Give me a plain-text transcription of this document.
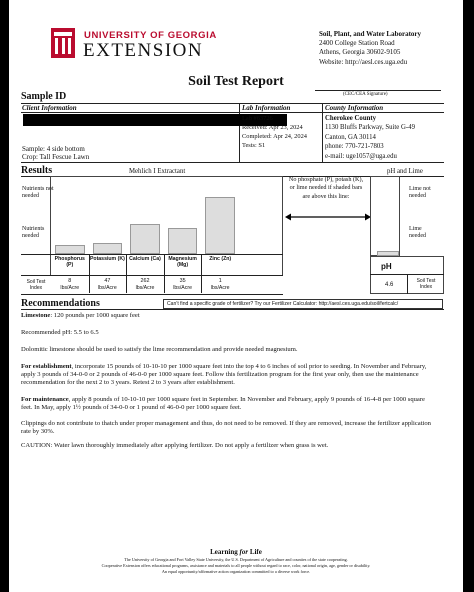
UNIVERSITY OF GEORGIA
EXTENSION
Soil, Plant, and Water Laboratory
2400 College Station Road
Athens, Georgia 30602-9105
Website: http://aesl.ces.uga.edu
Soil Test Report
(CEC/CEA Signature)
Sample ID
Client Information	Lab Information	County Information
Sample: 4 side bottom
Crop: Tall Fescue Lawn
Lab #63726
Received: Apr 23, 2024
Completed: Apr 24, 2024
Tests: S1
Cherokee County
1130 Bluffs Parkway, Suite G-49
Canton, GA 30114
phone: 770-721-7803
e-mail: uge1057@uga.edu
Results	Mehlich I Extractant	pH and Lime
Nutrients not needed
Nutrients needed
Soil Test Index
No phosphate (P), potash (K), or lime needed if shaded bars are above this line:
Lime not needed
Lime needed
pH
4.6
Soil Test Index
Recommendations	Can't find a specific grade of fertilizer? Try our Fertilizer Calculator: http://aesl.ces.uga.edu/soil/fertcalc/
Limestone: 120 pounds per 1000 square feet
Recommended pH: 5.5 to 6.5
Dolomitic limestone should be used to satisfy the lime recommendation and provide needed magnesium.
For establishment, incorporate 15 pounds of 10-10-10 per 1000 square feet into the top 4 to 6 inches of soil prior to seeding. In November and February, apply 3 pounds of 34-0-0 or 2 pounds of 46-0-0 per 1000 square feet. Follow this fertilization program for the first year only, then use the maintenance recommendation for the next 2 to 3 years. Retest 2 to 3 years after establishment.
For maintenance, apply 8 pounds of 10-10-10 per 1000 square feet in September. In November and February, apply 9 pounds of 16-4-8 per 1000 square feet. In May, apply 1½ pounds of 34-0-0 or 1 pound of 46-0-0 per 1000 square feet.
Clippings do not contribute to thatch under proper management and thus, do not need to be removed. If they are removed, increase the fertilizer application rate by 30%.
CAUTION: Water lawn thoroughly immediately after applying fertilizer. Do not apply a fertilizer when grass is wet.
Learning for Life
The University of Georgia and Fort Valley State University, the U.S. Department of Agriculture and counties of the state cooperating.
Cooperative Extension offers educational programs, assistance and materials to all people without regard to race, color, national origin, age, gender or disability.
An equal opportunity/affirmative action organization committed to a diverse work force.
Phosphorus (P)
8
lbs/Acre
Potassium (K)
47
lbs/Acre
Calcium (Ca)
262
lbs/Acre
Magnesium (Mg)
35
lbs/Acre
Zinc (Zn)
1
lbs/Acre
